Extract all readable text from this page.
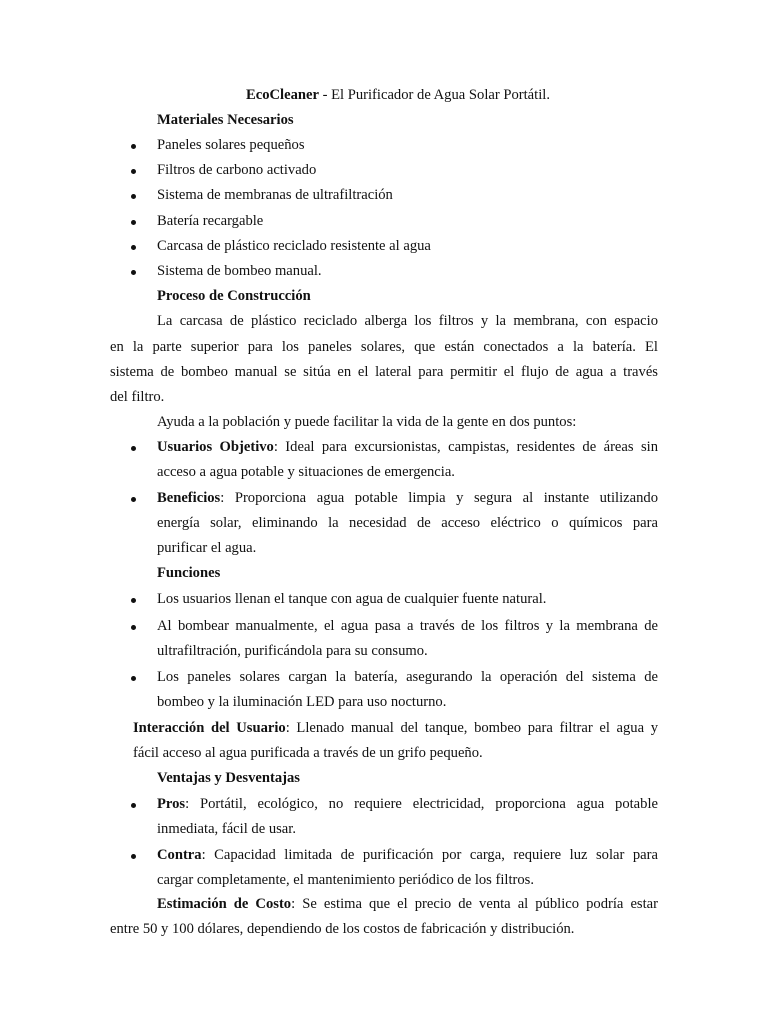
EcoCleaner - El Purificador de Agua Solar Portátil.
Materiales Necesarios
Paneles solares pequeños
Filtros de carbono activado
Sistema de membranas de ultrafiltración
Batería recargable
Carcasa de plástico reciclado resistente al agua
Sistema de bombeo manual.
Proceso de Construcción
La carcasa de plástico reciclado alberga los filtros y la membrana, con espacio
en la parte superior para los paneles solares, que están conectados a la batería. El
sistema de bombeo manual se sitúa en el lateral para permitir el flujo de agua a través
del filtro.
Ayuda a la población y puede facilitar la vida de la gente en dos puntos:
Usuarios Objetivo: Ideal para excursionistas, campistas, residentes de áreas sin
acceso a agua potable y situaciones de emergencia.
Beneficios: Proporciona agua potable limpia y segura al instante utilizando
energía solar, eliminando la necesidad de acceso eléctrico o químicos para
purificar el agua.
Funciones
Los usuarios llenan el tanque con agua de cualquier fuente natural.
Al bombear manualmente, el agua pasa a través de los filtros y la membrana de
ultrafiltración, purificándola para su consumo.
Los paneles solares cargan la batería, asegurando la operación del sistema de
bombeo y la iluminación LED para uso nocturno.
Interacción del Usuario: Llenado manual del tanque, bombeo para filtrar el agua y
fácil acceso al agua purificada a través de un grifo pequeño.
Ventajas y Desventajas
Pros: Portátil, ecológico, no requiere electricidad, proporciona agua potable
inmediata, fácil de usar.
Contra: Capacidad limitada de purificación por carga, requiere luz solar para
cargar completamente, el mantenimiento periódico de los filtros.
Estimación de Costo: Se estima que el precio de venta al público podría estar
entre 50 y 100 dólares, dependiendo de los costos de fabricación y distribución.
